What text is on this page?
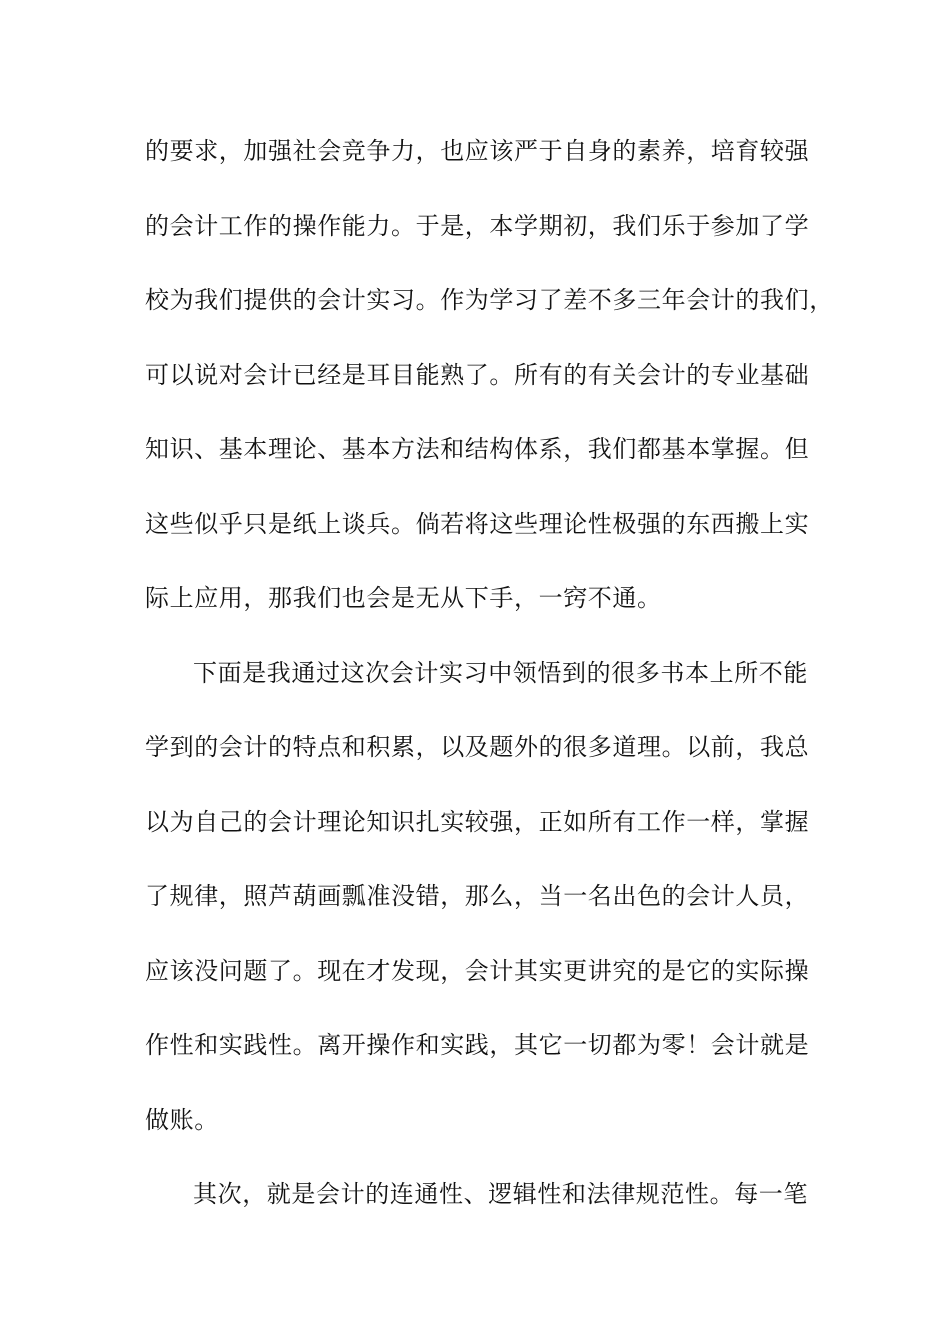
的要求，加强社会竞争力，也应该严于自身的素养，培育较强
的会计工作的操作能力。于是，本学期初，我们乐于参加了学
校为我们提供的会计实习。作为学习了差不多三年会计的我们，
可以说对会计已经是耳目能熟了。所有的有关会计的专业基础
知识、基本理论、基本方法和结构体系，我们都基本掌握。但
这些似乎只是纸上谈兵。倘若将这些理论性极强的东西搬上实
际上应用，那我们也会是无从下手，一窍不通。
下面是我通过这次会计实习中领悟到的很多书本上所不能
学到的会计的特点和积累，以及题外的很多道理。以前，我总
以为自己的会计理论知识扎实较强，正如所有工作一样，掌握
了规律，照芦葫画瓢准没错，那么，当一名出色的会计人员，
应该没问题了。现在才发现，会计其实更讲究的是它的实际操
作性和实践性。离开操作和实践，其它一切都为零！会计就是
做账。
其次，就是会计的连通性、逻辑性和法律规范性。每一笔
